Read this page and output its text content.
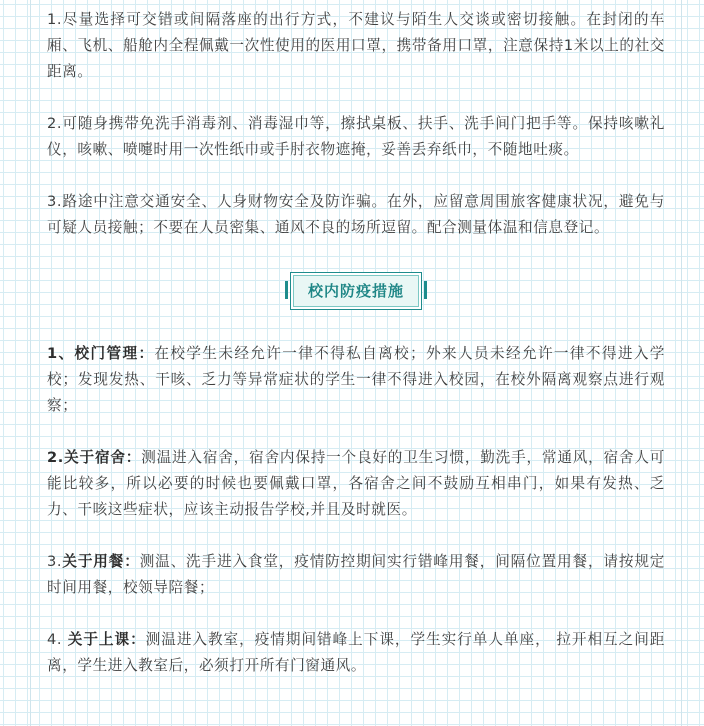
1.尽量选择可交错或间隔落座的出行方式，不建议与陌生人交谈或密切接触。在封闭的车厢、飞机、船舱内全程佩戴一次性使用的医用口罩，携带备用口罩，注意保持1米以上的社交距离。

2.可随身携带免洗手消毒剂、消毒湿巾等，擦拭桌板、扶手、洗手间门把手等。保持咳嗽礼仪，咳嗽、喷嚏时用一次性纸巾或手肘衣物遮掩，妥善丢弃纸巾，不随地吐痰。

3.路途中注意交通安全、人身财物安全及防诈骗。在外，应留意周围旅客健康状况，避免与可疑人员接触；不要在人员密集、通风不良的场所逗留。配合测量体温和信息登记。

校内防疫措施

1、校门管理：在校学生未经允许一律不得私自离校；外来人员未经允许一律不得进入学校；发现发热、干咳、乏力等异常症状的学生一律不得进入校园，在校外隔离观察点进行观察；

2.关于宿舍：测温进入宿舍，宿舍内保持一个良好的卫生习惯，勤洗手，常通风，宿舍人可能比较多，所以必要的时候也要佩戴口罩，各宿舍之间不鼓励互相串门，如果有发热、乏力、干咳这些症状，应该主动报告学校,并且及时就医。

3.关于用餐：测温、洗手进入食堂，疫情防控期间实行错峰用餐，间隔位置用餐，请按规定时间用餐，校领导陪餐；

4. 关于上课：测温进入教室，疫情期间错峰上下课，学生实行单人单座， 拉开相互之间距离，学生进入教室后，必须打开所有门窗通风。
